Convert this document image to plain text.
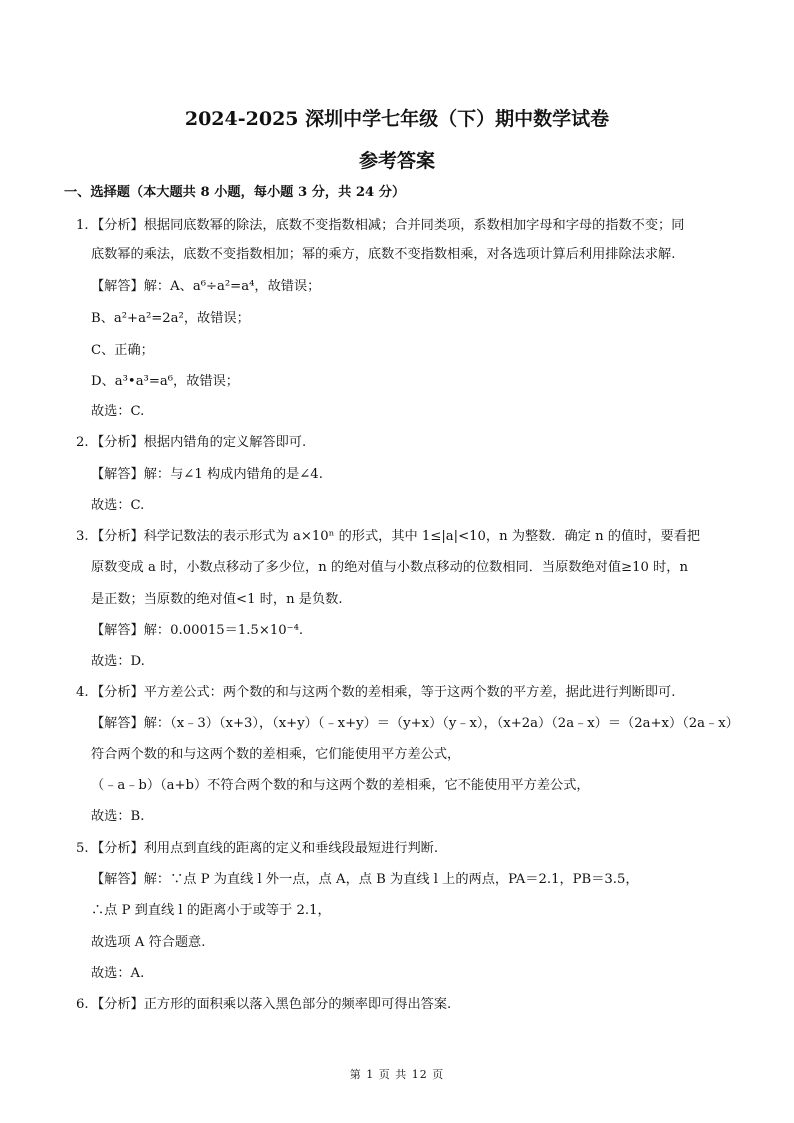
2024-2025 深圳中学七年级（下）期中数学试卷
参考答案
一、选择题（本大题共 8 小题，每小题 3 分，共 24 分）
1. 【分析】根据同底数幂的除法，底数不变指数相减；合并同类项，系数相加字母和字母的指数不变；同
底数幂的乘法，底数不变指数相加；幂的乘方，底数不变指数相乘，对各选项计算后利用排除法求解.
【解答】解：A、a⁶÷a²=a⁴，故错误；
B、a²+a²=2a²，故错误；
C、正确；
D、a³•a³=a⁶，故错误；
故选：C.
2. 【分析】根据内错角的定义解答即可.
【解答】解：与∠1 构成内错角的是∠4.
故选：C.
3. 【分析】科学记数法的表示形式为 a×10ⁿ 的形式，其中 1≤|a|<10，n 为整数．确定 n 的值时，要看把
原数变成 a 时，小数点移动了多少位，n 的绝对值与小数点移动的位数相同．当原数绝对值≥10 时，n
是正数；当原数的绝对值<1 时，n 是负数.
【解答】解：0.00015＝1.5×10⁻⁴.
故选：D.
4. 【分析】平方差公式：两个数的和与这两个数的差相乘，等于这两个数的平方差，据此进行判断即可.
【解答】解：（x﹣3）（x+3），（x+y）（﹣x+y）＝（y+x）（y﹣x），（x+2a）（2a﹣x）＝（2a+x）（2a﹣x）
符合两个数的和与这两个数的差相乘，它们能使用平方差公式，
（﹣a﹣b）（a+b）不符合两个数的和与这两个数的差相乘，它不能使用平方差公式，
故选：B.
5. 【分析】利用点到直线的距离的定义和垂线段最短进行判断.
【解答】解：∵点 P 为直线 l 外一点，点 A，点 B 为直线 l 上的两点，PA＝2.1，PB＝3.5，
∴点 P 到直线 l 的距离小于或等于 2.1，
故选项 A 符合题意.
故选：A.
6. 【分析】正方形的面积乘以落入黑色部分的频率即可得出答案.
第 1 页 共 12 页
